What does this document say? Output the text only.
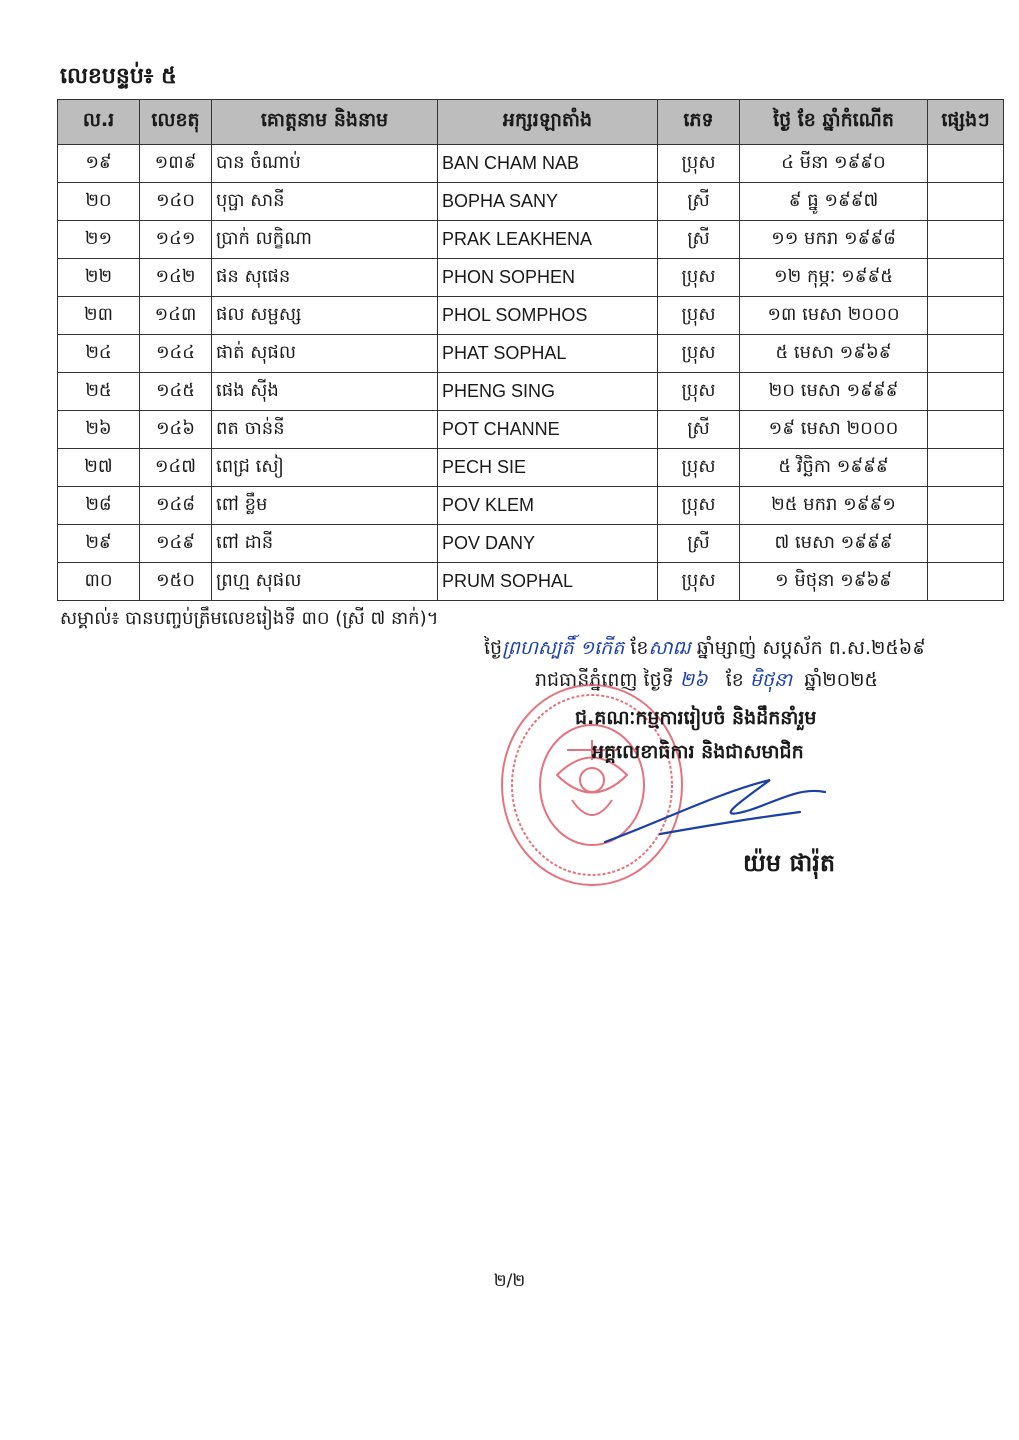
លេខបន្ទប់៖ ៥
ល.រ	លេខតុ	គោត្តនាម និងនាម	អក្សរឡាតាំង	ភេទ	ថ្ងៃ ខែ ឆ្នាំកំណើត	ផ្សេងៗ
១៩	១៣៩	បាន ចំណាប់	BAN CHAM NAB	ប្រុស	៤ មីនា ១៩៩០	
២០	១៤០	បុប្ផា សានី	BOPHA SANY	ស្រី	៩ ធ្នូ ១៩៩៧	
២១	១៤១	ប្រាក់ លក្ខិណា	PRAK LEAKHENA	ស្រី	១១ មករា ១៩៩៨	
២២	១៤២	ផន សុផេន	PHON SOPHEN	ប្រុស	១២ កុម្ភៈ ១៩៩៥	
២៣	១៤៣	ផល សម្ផស្ស	PHOL SOMPHOS	ប្រុស	១៣ មេសា ២០០០	
២៤	១៤៤	ផាត់ សុផល	PHAT SOPHAL	ប្រុស	៥ មេសា ១៩៦៩	
២៥	១៤៥	ផេង ស៊ីង	PHENG SING	ប្រុស	២០ មេសា ១៩៩៩	
២៦	១៤៦	ពត ចាន់នី	POT CHANNE	ស្រី	១៩ មេសា ២០០០	
២៧	១៤៧	ពេជ្រ សៀ	PECH SIE	ប្រុស	៥ វិច្ឆិកា ១៩៩៩	
២៨	១៤៨	ពៅ ខ្លឹម	POV KLEM	ប្រុស	២៥ មករា ១៩៩១	
២៩	១៤៩	ពៅ ដានី	POV DANY	ស្រី	៧ មេសា ១៩៩៩	
៣០	១៥០	ព្រហ្ម សុផល	PRUM SOPHAL	ប្រុស	១ មិថុនា ១៩៦៩	
សម្គាល់៖ បានបញ្ចប់ត្រឹមលេខរៀងទី ៣០ (ស្រី ៧ នាក់)។
ថ្ងៃព្រហស្បតិ៍ ១កើត ខែសាឍ ឆ្នាំម្សាញ់ សប្តស័ក ព.ស.២៥៦៩
រាជធានីភ្នំពេញ ថ្ងៃទី ២៦ ខែ មិថុនា ឆ្នាំ២០២៥
ជ.គណៈកម្មការរៀបចំ និងដឹកនាំរួម
អគ្គលេខាធិការ និងជាសមាជិក
យ៉ម ផារ៉ុត
២/២
